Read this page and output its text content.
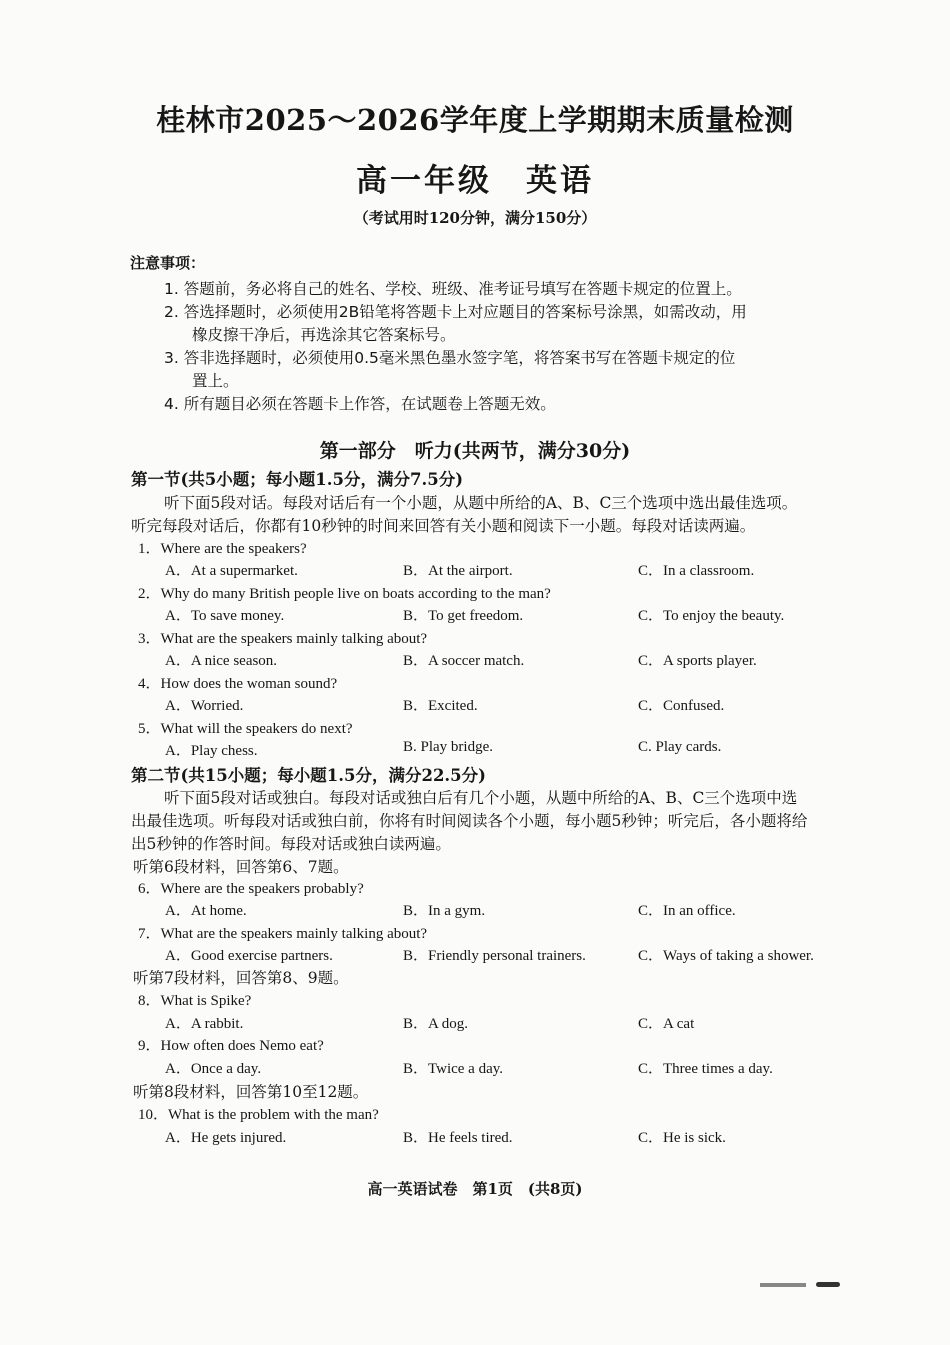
桂林市2025～2026学年度上学期期末质量检测
高一年级　英语
（考试用时120分钟，满分150分）
注意事项：
1. 答题前，务必将自己的姓名、学校、班级、准考证号填写在答题卡规定的位置上。
2. 答选择题时，必须使用2B铅笔将答题卡上对应题目的答案标号涂黑，如需改动，用
橡皮擦干净后，再选涂其它答案标号。
3. 答非选择题时，必须使用0.5毫米黑色墨水签字笔，将答案书写在答题卡规定的位
置上。
4. 所有题目必须在答题卡上作答，在试题卷上答题无效。
第一部分　听力(共两节，满分30分)
第一节(共5小题；每小题1.5分，满分7.5分)
听下面5段对话。每段对话后有一个小题，从题中所给的A、B、C三个选项中选出最佳选项。
听完每段对话后，你都有10秒钟的时间来回答有关小题和阅读下一小题。每段对话读两遍。
1．Where are the speakers?
A．At a supermarket.	B．At the airport.	C．In a classroom.
2．Why do many British people live on boats according to the man?
A．To save money.	B．To get freedom.	C．To enjoy the beauty.
3．What are the speakers mainly talking about?
A．A nice season.	B．A soccer match.	C．A sports player.
4．How does the woman sound?
A．Worried.	B．Excited.	C．Confused.
5．What will the speakers do next?
A．Play chess.	B. Play bridge.	C. Play cards.
第二节(共15小题；每小题1.5分，满分22.5分)
听下面5段对话或独白。每段对话或独白后有几个小题，从题中所给的A、B、C三个选项中选
出最佳选项。听每段对话或独白前，你将有时间阅读各个小题，每小题5秒钟；听完后，各小题将给
出5秒钟的作答时间。每段对话或独白读两遍。
听第6段材料，回答第6、7题。
6．Where are the speakers probably?
A．At home.	B．In a gym.	C．In an office.
7．What are the speakers mainly talking about?
A．Good exercise partners.	B．Friendly personal trainers.	C．Ways of taking a shower.
听第7段材料，回答第8、9题。
8．What is Spike?
A．A rabbit.	B．A dog.	C．A cat
9．How often does Nemo eat?
A．Once a day.	B．Twice a day.	C．Three times a day.
听第8段材料，回答第10至12题。
10．What is the problem with the man?
A．He gets injured.	B．He feels tired.	C．He is sick.
高一英语试卷　第1页　(共8页)
